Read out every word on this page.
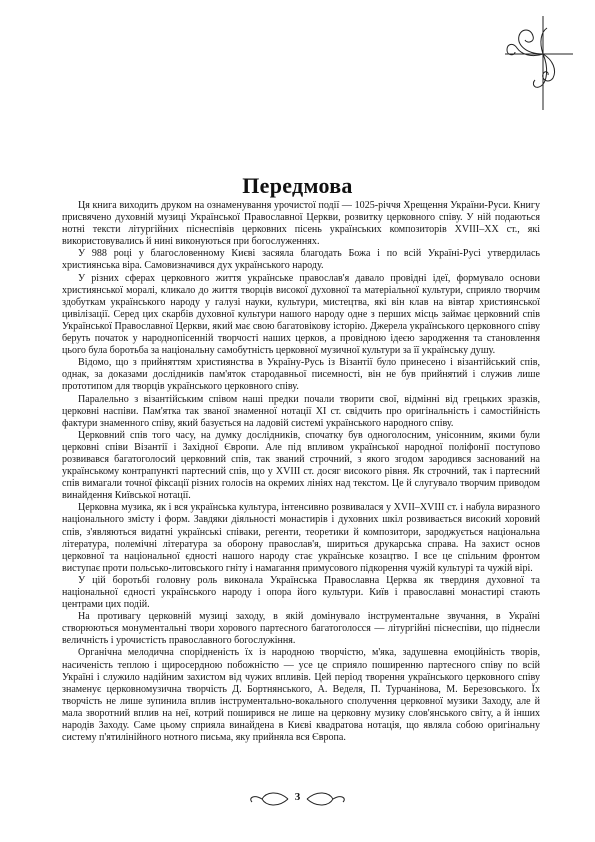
Передмова

Ця книга виходить друком на ознаменування урочистої події — 1025-річчя Хрещення України-Руси. Книгу присвячено духовній музиці Української Православної Церкви, розвитку церковного співу. У ній подаються нотні тексти літургійних піснеспівів церковних пісень українських композиторів XVIII–XX ст., які використовувались й нині виконуються при богослуженнях.

У 988 році у благословенному Києві засяяла благодать Божа і по всій Україні-Русі утвердилась християнська віра. Самовизначився дух українського народу.

У різних сферах церковного життя українське православ'я давало провідні ідеї, формувало основи християнської моралі, кликало до життя творців високої духовної та матеріальної культури, сприяло творчим здобуткам українського народу у галузі науки, культури, мистецтва, які він клав на вівтар християнської цивілізації. Серед цих скарбів духовної культури нашого народу одне з перших місць займає церковний спів Української Православної Церкви, який має свою багатовікову історію. Джерела українського церковного співу беруть початок у народнопісенній творчості наших церков, а провідною ідеєю зародження та становлення цього була боротьба за національну самобутність церковної музичної культури за її українську душу.

Відомо, що з прийняттям християнства в Україну-Русь із Візантії було принесено і візантійський спів, однак, за доказами дослідників пам'яток стародавньої писемності, він не був прийнятий і служив лише прототипом для творців українського церковного співу.

Паралельно з візантійським співом наші предки почали творити свої, відмінні від грецьких зразків, церковні наспіви. Пам'ятка так званої знаменної нотації XI ст. свідчить про оригінальність і самостійність фактури знаменного співу, який базується на ладовій системі українського народного співу.

Церковний спів того часу, на думку дослідників, спочатку був одноголосним, унісонним, якими були церковні співи Візантії і Західної Європи. Але під впливом української народної поліфонії поступово розвивався багатоголосий церковний спів, так званий строчний, з якого згодом зародився заснований на українському контрапункті партесний спів, що у XVIII ст. досяг високого рівня. Як строчний, так і партесний спів вимагали точної фіксації різних голосів на окремих лініях над текстом. Це й слугувало творчим приводом винайдення Київської нотації.

Церковна музика, як і вся українська культура, інтенсивно розвивалася у XVII–XVIII ст. і набула виразного національного змісту і форм. Завдяки діяльності монастирів і духовних шкіл розвивається високий хоровий спів, з'являються видатні українські співаки, регенти, теоретики й композитори, зароджується національна література, полемічні література за оборону православ'я, шириться друкарська справа. На захист основ церковної та національної єдності нашого народу стає українське козацтво. І все це спільним фронтом виступає проти польсько-литовського гніту і намагання примусового підкорення чужій культурі та чужій вірі.

У цій боротьбі головну роль виконала Українська Православна Церква як твердиня духовної та національної єдності українського народу і опора його культури. Київ і православні монастирі стають центрами цих подій.

На противагу церковній музиці заходу, в якій домінувало інструментальне звучання, в Україні створюються монументальні твори хорового партесного багатоголосся — літургійні піснеспіви, що піднесли величність і урочистість православного богослужіння.

Органічна мелодична спорідненість їх із народною творчістю, м'яка, задушевна емоційність творів, насиченість теплою і щиросердною побожністю — усе це сприяло поширенню партесного співу по всій Україні і служило надійним захистом від чужих впливів. Цей період творення українського церковного співу знаменує церковномузична творчість Д. Бортнянського, А. Веделя, П. Турчанінова, М. Березовського. Їх творчість не лише зупинила вплив інструментально-вокального сполучення церковної музики Заходу, але й мала зворотний вплив на неї, котрий поширився не лише на церковну музику слов'янського світу, а й інших народів Заходу. Саме цьому сприяла винайдена в Києві квадратова нотація, що являла собою оригінальну систему п'ятилінійного нотного письма, яку прийняла вся Європа.

3
